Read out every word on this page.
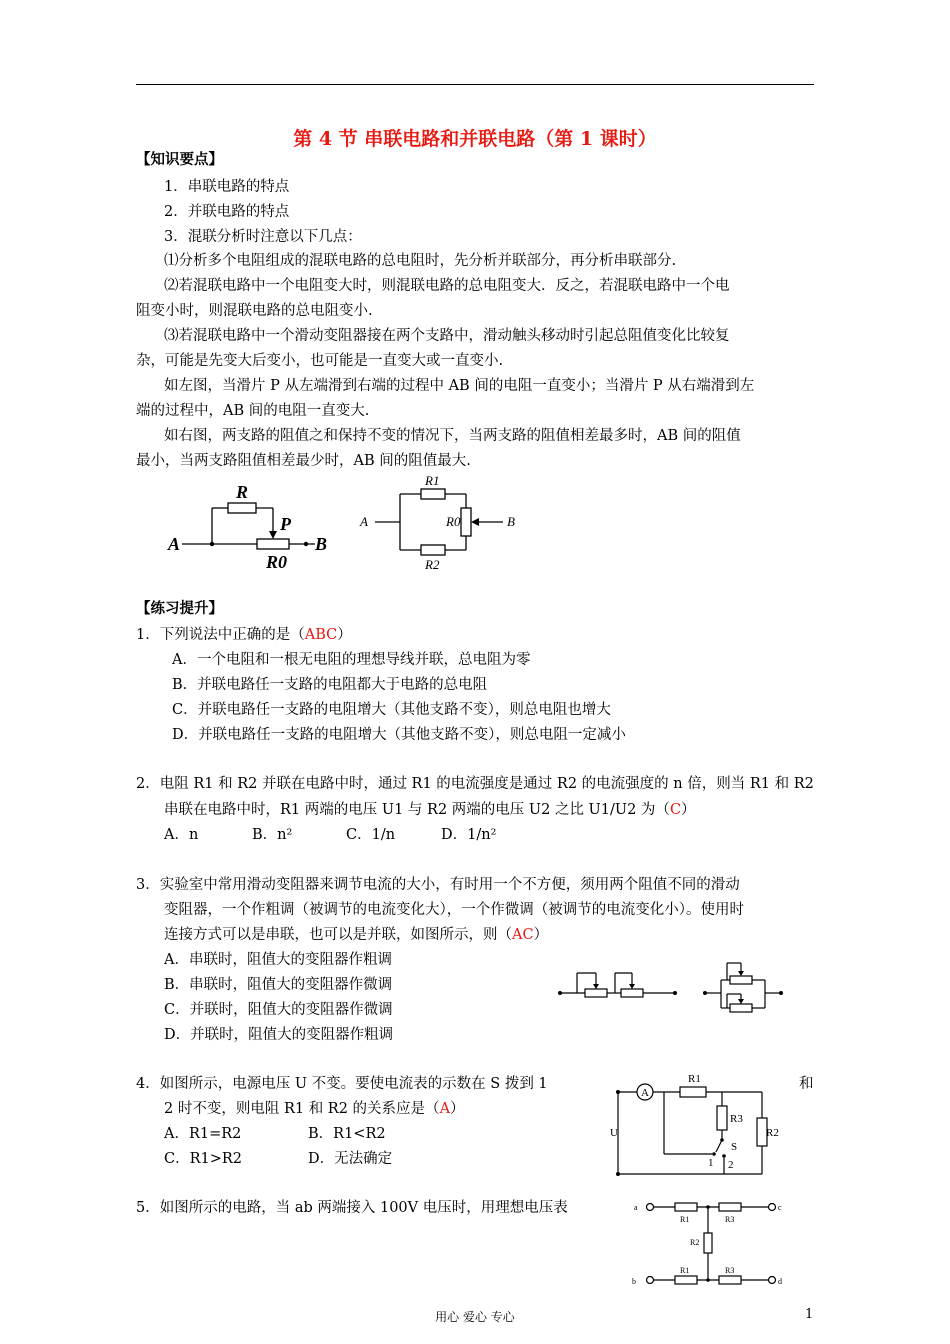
第 4 节 串联电路和并联电路（第 1 课时）
【知识要点】
1．串联电路的特点
2．并联电路的特点
3．混联分析时注意以下几点：
⑴分析多个电阻组成的混联电路的总电阻时，先分析并联部分，再分析串联部分.
⑵若混联电路中一个电阻变大时，则混联电路的总电阻变大．反之，若混联电路中一个电
阻变小时，则混联电路的总电阻变小.
⑶若混联电路中一个滑动变阻器接在两个支路中，滑动触头移动时引起总阻值变化比较复
杂，可能是先变大后变小，也可能是一直变大或一直变小.
如左图，当滑片 P 从左端滑到右端的过程中 AB 间的电阻一直变小；当滑片 P 从右端滑到左
端的过程中，AB 间的电阻一直变大.
如右图，两支路的阻值之和保持不变的情况下，当两支路的阻值相差最多时，AB 间的阻值
最小，当两支路阻值相差最少时，AB 间的阻值最大.
A	B
R
P
R0
A	B
R1
R2
R0
【练习提升】
1．下列说法中正确的是（ABC）
A．一个电阻和一根无电阻的理想导线并联，总电阻为零
B．并联电路任一支路的电阻都大于电路的总电阻
C．并联电路任一支路的电阻增大（其他支路不变），则总电阻也增大
D．并联电路任一支路的电阻增大（其他支路不变），则总电阻一定减小
2．电阻 R1 和 R2 并联在电路中时，通过 R1 的电流强度是通过 R2 的电流强度的 n 倍，则当 R1 和 R2
串联在电路中时，R1 两端的电压 U1 与 R2 两端的电压 U2 之比 U1/U2 为（C）
A．n	B．n²	C．1/n	D．1/n²
3．实验室中常用滑动变阻器来调节电流的大小，有时用一个不方便，须用两个阻值不同的滑动
变阻器，一个作粗调（被调节的电流变化大），一个作微调（被调节的电流变化小）。使用时
连接方式可以是串联，也可以是并联，如图所示，则（AC）
A．串联时，阻值大的变阻器作粗调
B．串联时，阻值大的变阻器作微调
C．并联时，阻值大的变阻器作微调
D．并联时，阻值大的变阻器作粗调
4．如图所示，电源电压 U 不变。要使电流表的示数在 S 拨到 1	和
2 时不变，则电阻 R1 和 R2 的关系应是（A）
A．R1=R2	B．R1<R2
C．R1>R2	D．无法确定
A
U
R1
R3
R2
S
1 2
5．如图所示的电路，当 ab 两端接入 100V 电压时，用理想电压表	a	c
b	d
R1	R3
R2
R1	R3
用心 爱心 专心	1
